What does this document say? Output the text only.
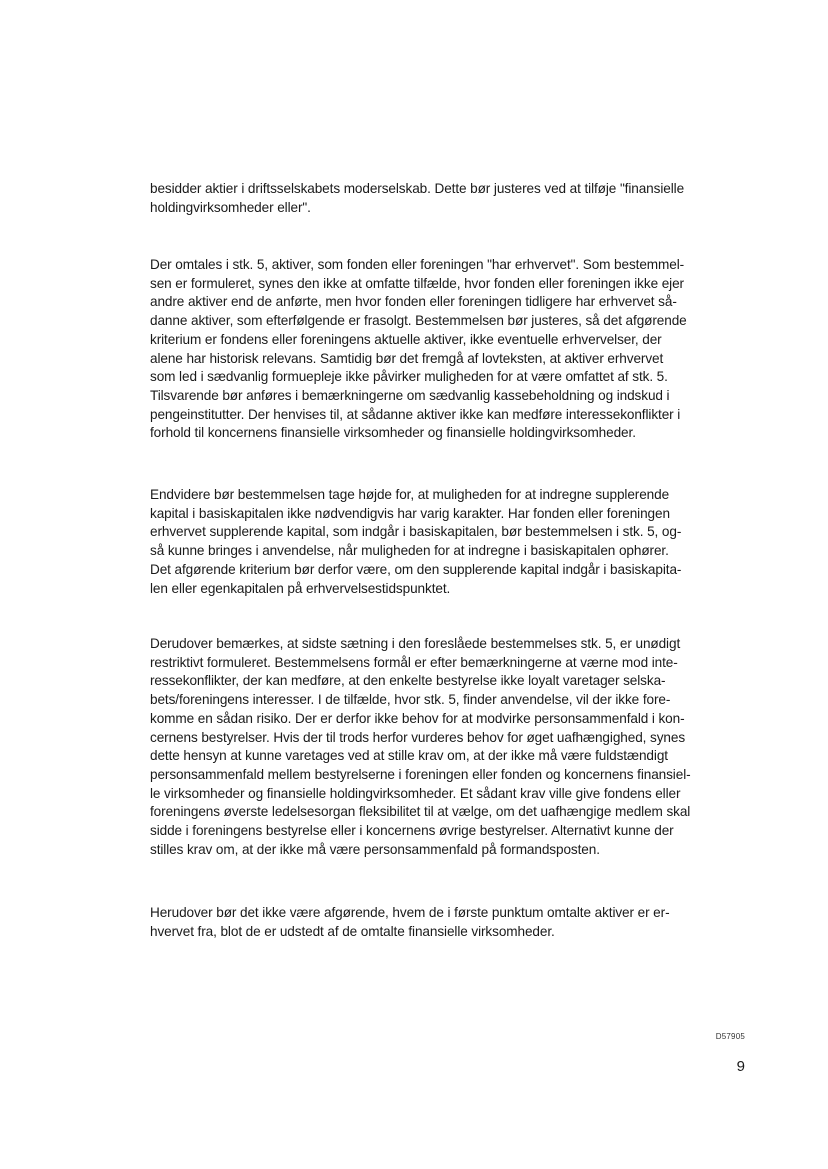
besidder aktier i driftsselskabets moderselskab. Dette bør justeres ved at tilføje "finansielle
holdingvirksomheder eller".

Der omtales i stk. 5, aktiver, som fonden eller foreningen "har erhvervet". Som bestemmel-
sen er formuleret, synes den ikke at omfatte tilfælde, hvor fonden eller foreningen ikke ejer
andre aktiver end de anførte, men hvor fonden eller foreningen tidligere har erhvervet så-
danne aktiver, som efterfølgende er frasolgt. Bestemmelsen bør justeres, så det afgørende
kriterium er fondens eller foreningens aktuelle aktiver, ikke eventuelle erhvervelser, der
alene har historisk relevans. Samtidig bør det fremgå af lovteksten, at aktiver erhvervet
som led i sædvanlig formuepleje ikke påvirker muligheden for at være omfattet af stk. 5.
Tilsvarende bør anføres i bemærkningerne om sædvanlig kassebeholdning og indskud i
pengeinstitutter. Der henvises til, at sådanne aktiver ikke kan medføre interessekonflikter i
forhold til koncernens finansielle virksomheder og finansielle holdingvirksomheder.

Endvidere bør bestemmelsen tage højde for, at muligheden for at indregne supplerende
kapital i basiskapitalen ikke nødvendigvis har varig karakter. Har fonden eller foreningen
erhvervet supplerende kapital, som indgår i basiskapitalen, bør bestemmelsen i stk. 5, og-
så kunne bringes i anvendelse, når muligheden for at indregne i basiskapitalen ophører.
Det afgørende kriterium bør derfor være, om den supplerende kapital indgår i basiskapita-
len eller egenkapitalen på erhvervelsestidspunktet.

Derudover bemærkes, at sidste sætning i den foreslåede bestemmelses stk. 5, er unødigt
restriktivt formuleret. Bestemmelsens formål er efter bemærkningerne at værne mod inte-
ressekonflikter, der kan medføre, at den enkelte bestyrelse ikke loyalt varetager selska-
bets/foreningens interesser. I de tilfælde, hvor stk. 5, finder anvendelse, vil der ikke fore-
komme en sådan risiko. Der er derfor ikke behov for at modvirke personsammenfald i kon-
cernens bestyrelser. Hvis der til trods herfor vurderes behov for øget uafhængighed, synes
dette hensyn at kunne varetages ved at stille krav om, at der ikke må være fuldstændigt
personsammenfald mellem bestyrelserne i foreningen eller fonden og koncernens finansiel-
le virksomheder og finansielle holdingvirksomheder. Et sådant krav ville give fondens eller
foreningens øverste ledelsesorgan fleksibilitet til at vælge, om det uafhængige medlem skal
sidde i foreningens bestyrelse eller i koncernens øvrige bestyrelser. Alternativt kunne der
stilles krav om, at der ikke må være personsammenfald på formandsposten.

Herudover bør det ikke være afgørende, hvem de i første punktum omtalte aktiver er er-
hvervet fra, blot de er udstedt af de omtalte finansielle virksomheder.

D57905
9
